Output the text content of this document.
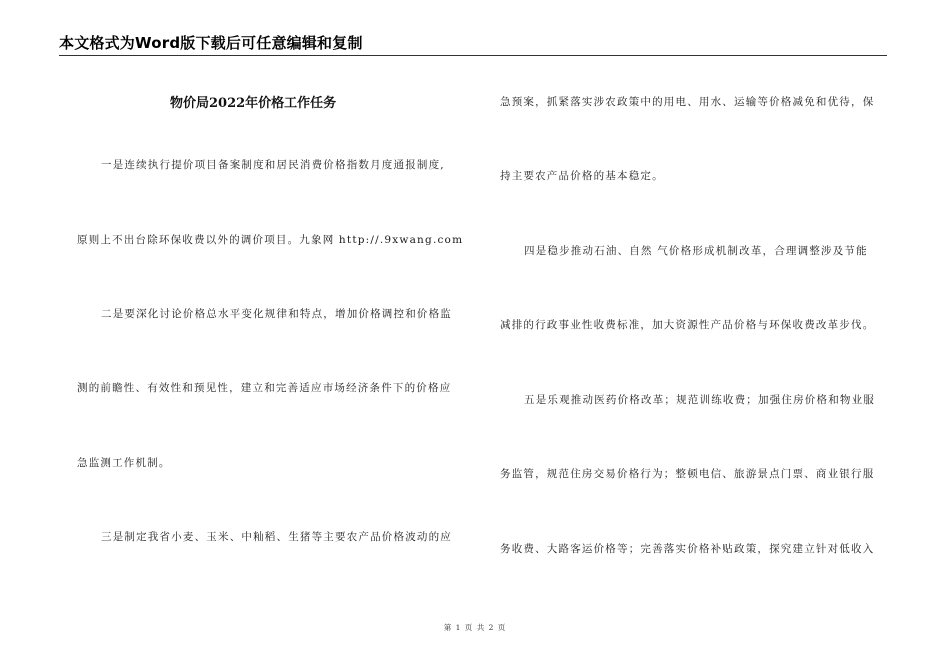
本文格式为Word版下载后可任意编辑和复制
物价局2022年价格工作任务
一是连续执行提价项目备案制度和居民消费价格指数月度通报制度,
原则上不出台除环保收费以外的调价项目。九象网 http://.9xwang.com
二是要深化讨论价格总水平变化规律和特点，增加价格调控和价格监
测的前瞻性、有效性和预见性，建立和完善适应市场经济条件下的价格应
急监测工作机制。
三是制定我省小麦、玉米、中籼稻、生猪等主要农产品价格波动的应
急预案，抓紧落实涉农政策中的用电、用水、运输等价格减免和优待，保
持主要农产品价格的基本稳定。
四是稳步推动石油、自然 气价格形成机制改革，合理调整涉及节能
减排的行政事业性收费标准，加大资源性产品价格与环保收费改革步伐。
五是乐观推动医药价格改革；规范训练收费；加强住房价格和物业服
务监管，规范住房交易价格行为；整顿电信、旅游景点门票、商业银行服
务收费、大路客运价格等；完善落实价格补贴政策，探究建立针对低收入
第 1 页 共 2 页
